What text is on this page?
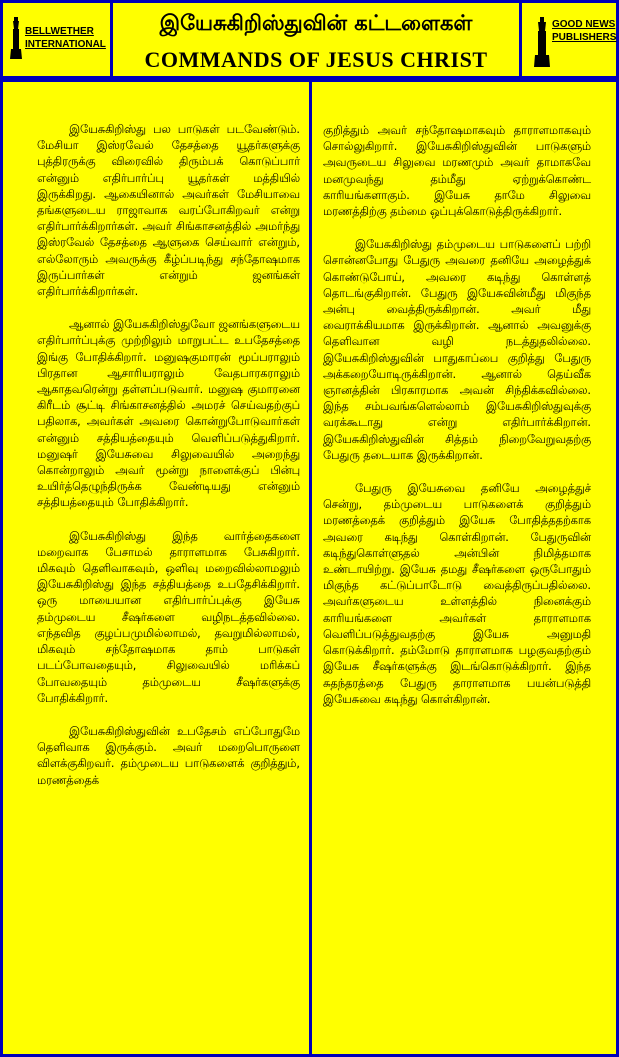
BELLWETHER
INTERNATIONAL
இயேசுகிறிஸ்துவின் கட்டளைகள்
COMMANDS OF JESUS CHRIST
GOOD NEWS
PUBLISHERS

இயேசுகிறிஸ்து பல பாடுகள் படவேண்டும். மேசியா இஸ்ரவேல் தேசத்தை யூதர்களுக்கு புத்திரருக்கு விரைவில் திரும்பக் கொடுப்பார் என்னும் எதிர்பார்ப்பு யூதர்கள் மத்தியில் இருக்கிறது. ஆகையினால் அவர்கள் மேசியாவை தங்களுடைய ராஜாவாக வரப்போகிறவர் என்று எதிர்பார்க்கிறார்கள். அவர் சிங்காசனத்தில் அமர்ந்து இஸ்ரவேல் தேசத்தை ஆளுகை செய்வார் என்றும், எல்லோரும் அவருக்கு கீழ்ப்படிந்து சந்தோஷமாக இருப்பார்கள் என்றும் ஜனங்கள் எதிர்பார்க்கிறார்கள்.

ஆனால் இயேசுகிறிஸ்துவோ ஜனங்களுடைய எதிர்பார்ப்புக்கு முற்றிலும் மாறுபட்ட உபதேசத்தை இங்கு போதிக்கிறார். மனுஷகுமாரன் மூப்பராலும் பிரதான ஆசாரியராலும் வேதபாரகராலும் ஆகாதவரென்று தள்ளப்படுவார். மனுஷ குமாரனை கிரீடம் சூட்டி சிங்காசனத்தில் அமரச் செய்வதற்குப் பதிலாக, அவர்கள் அவரை கொன்றுபோடுவார்கள் என்னும் சத்தியத்தையும் வெளிப்படுத்துகிறார். மனுஷர் இயேசுவை சிலுவையில் அறைந்து கொன்றாலும் அவர் மூன்று நாளைக்குப் பின்பு உயிர்த்தெழுந்திருக்க வேண்டியது என்னும் சத்தியத்தையும் போதிக்கிறார்.

இயேசுகிறிஸ்து இந்த வார்த்தைகளை மறைவாக பேசாமல் தாராளமாக பேசுகிறார். மிகவும் தெளிவாகவும், ஒளிவு மறைவில்லாமலும் இயேசுகிறிஸ்து இந்த சத்தியத்தை உபதேசிக்கிறார். ஒரு மாயையான எதிர்பார்ப்புக்கு இயேசு தம்முடைய சீஷர்களை வழிநடத்தவில்லை. எந்தவித குழப்பமுமில்லாமல், தவறுமில்லாமல், மிகவும் சந்தோஷமாக தாம் பாடுகள் படப்போவதையும், சிலுவையில் மரிக்கப் போவதையும் தம்முடைய சீஷர்களுக்கு போதிக்கிறார்.

இயேசுகிறிஸ்துவின் உபதேசம் எப்போதுமே தெளிவாக இருக்கும். அவர் மறைபொருளை விளக்குகிறவர். தம்முடைய பாடுகளைக் குறித்தும், மரணத்தைக்

குறித்தும் அவர் சந்தோஷமாகவும் தாராளமாகவும் சொல்லுகிறார். இயேசுகிறிஸ்துவின் பாடுகளும் அவருடைய சிலுவை மரணமும் அவர் தாமாகவே மனமுவந்து தம்மீது ஏற்றுக்கொண்ட காரியங்களாகும். இயேசு தாமே சிலுவை மரணத்திற்கு தம்மை ஒப்புக்கொடுத்திருக்கிறார்.

இயேசுகிறிஸ்து தம்முடைய பாடுகளைப் பற்றி சொன்னபோது பேதுரு அவரை தனியே அழைத்துக் கொண்டுபோய், அவரை கடிந்து கொள்ளத் தொடங்குகிறான். பேதுரு இயேசுவின்மீது மிகுந்த அன்பு வைத்திருக்கிறான். அவர் மீது வைராக்கியமாக இருக்கிறான். ஆனால் அவனுக்கு தெளிவான வழி நடத்துதலில்லை. இயேசுகிறிஸ்துவின் பாதுகாப்பை குறித்து பேதுரு அக்கறையோடிருக்கிறான். ஆனால் தெய்வீக ஞானத்தின் பிரகாரமாக அவன் சிந்திக்கவில்லை. இந்த சம்பவங்களெல்லாம் இயேசுகிறிஸ்துவுக்கு வரக்கூடாது என்று எதிர்பார்க்கிறான். இயேசுகிறிஸ்துவின் சித்தம் நிறைவேறுவதற்கு பேதுரு தடையாக இருக்கிறான்.

பேதுரு இயேசுவை தனியே அழைத்துச் சென்று, தம்முடைய பாடுகளைக் குறித்தும் மரணத்தைக் குறித்தும் இயேசு போதித்ததற்காக அவரை கடிந்து கொள்கிறான். பேதுருவின் கடிந்துகொள்ளுதல் அன்பின் நிமித்தமாக உண்டாயிற்று. இயேசு தமது சீஷர்களை ஒருபோதும் மிகுந்த கட்டுப்பாடோடு வைத்திருப்பதில்லை. அவர்களுடைய உள்ளத்தில் நினைக்கும் காரியங்களை அவர்கள் தாராளமாக வெளிப்படுத்துவதற்கு இயேசு அனுமதி கொடுக்கிறார். தம்மோடு தாராளமாக பழகுவதற்கும் இயேசு சீஷர்களுக்கு இடங்கொடுக்கிறார். இந்த சுதந்தரத்தை பேதுரு தாராளமாக பயன்படுத்தி இயேசுவை கடிந்து கொள்கிறான்.
